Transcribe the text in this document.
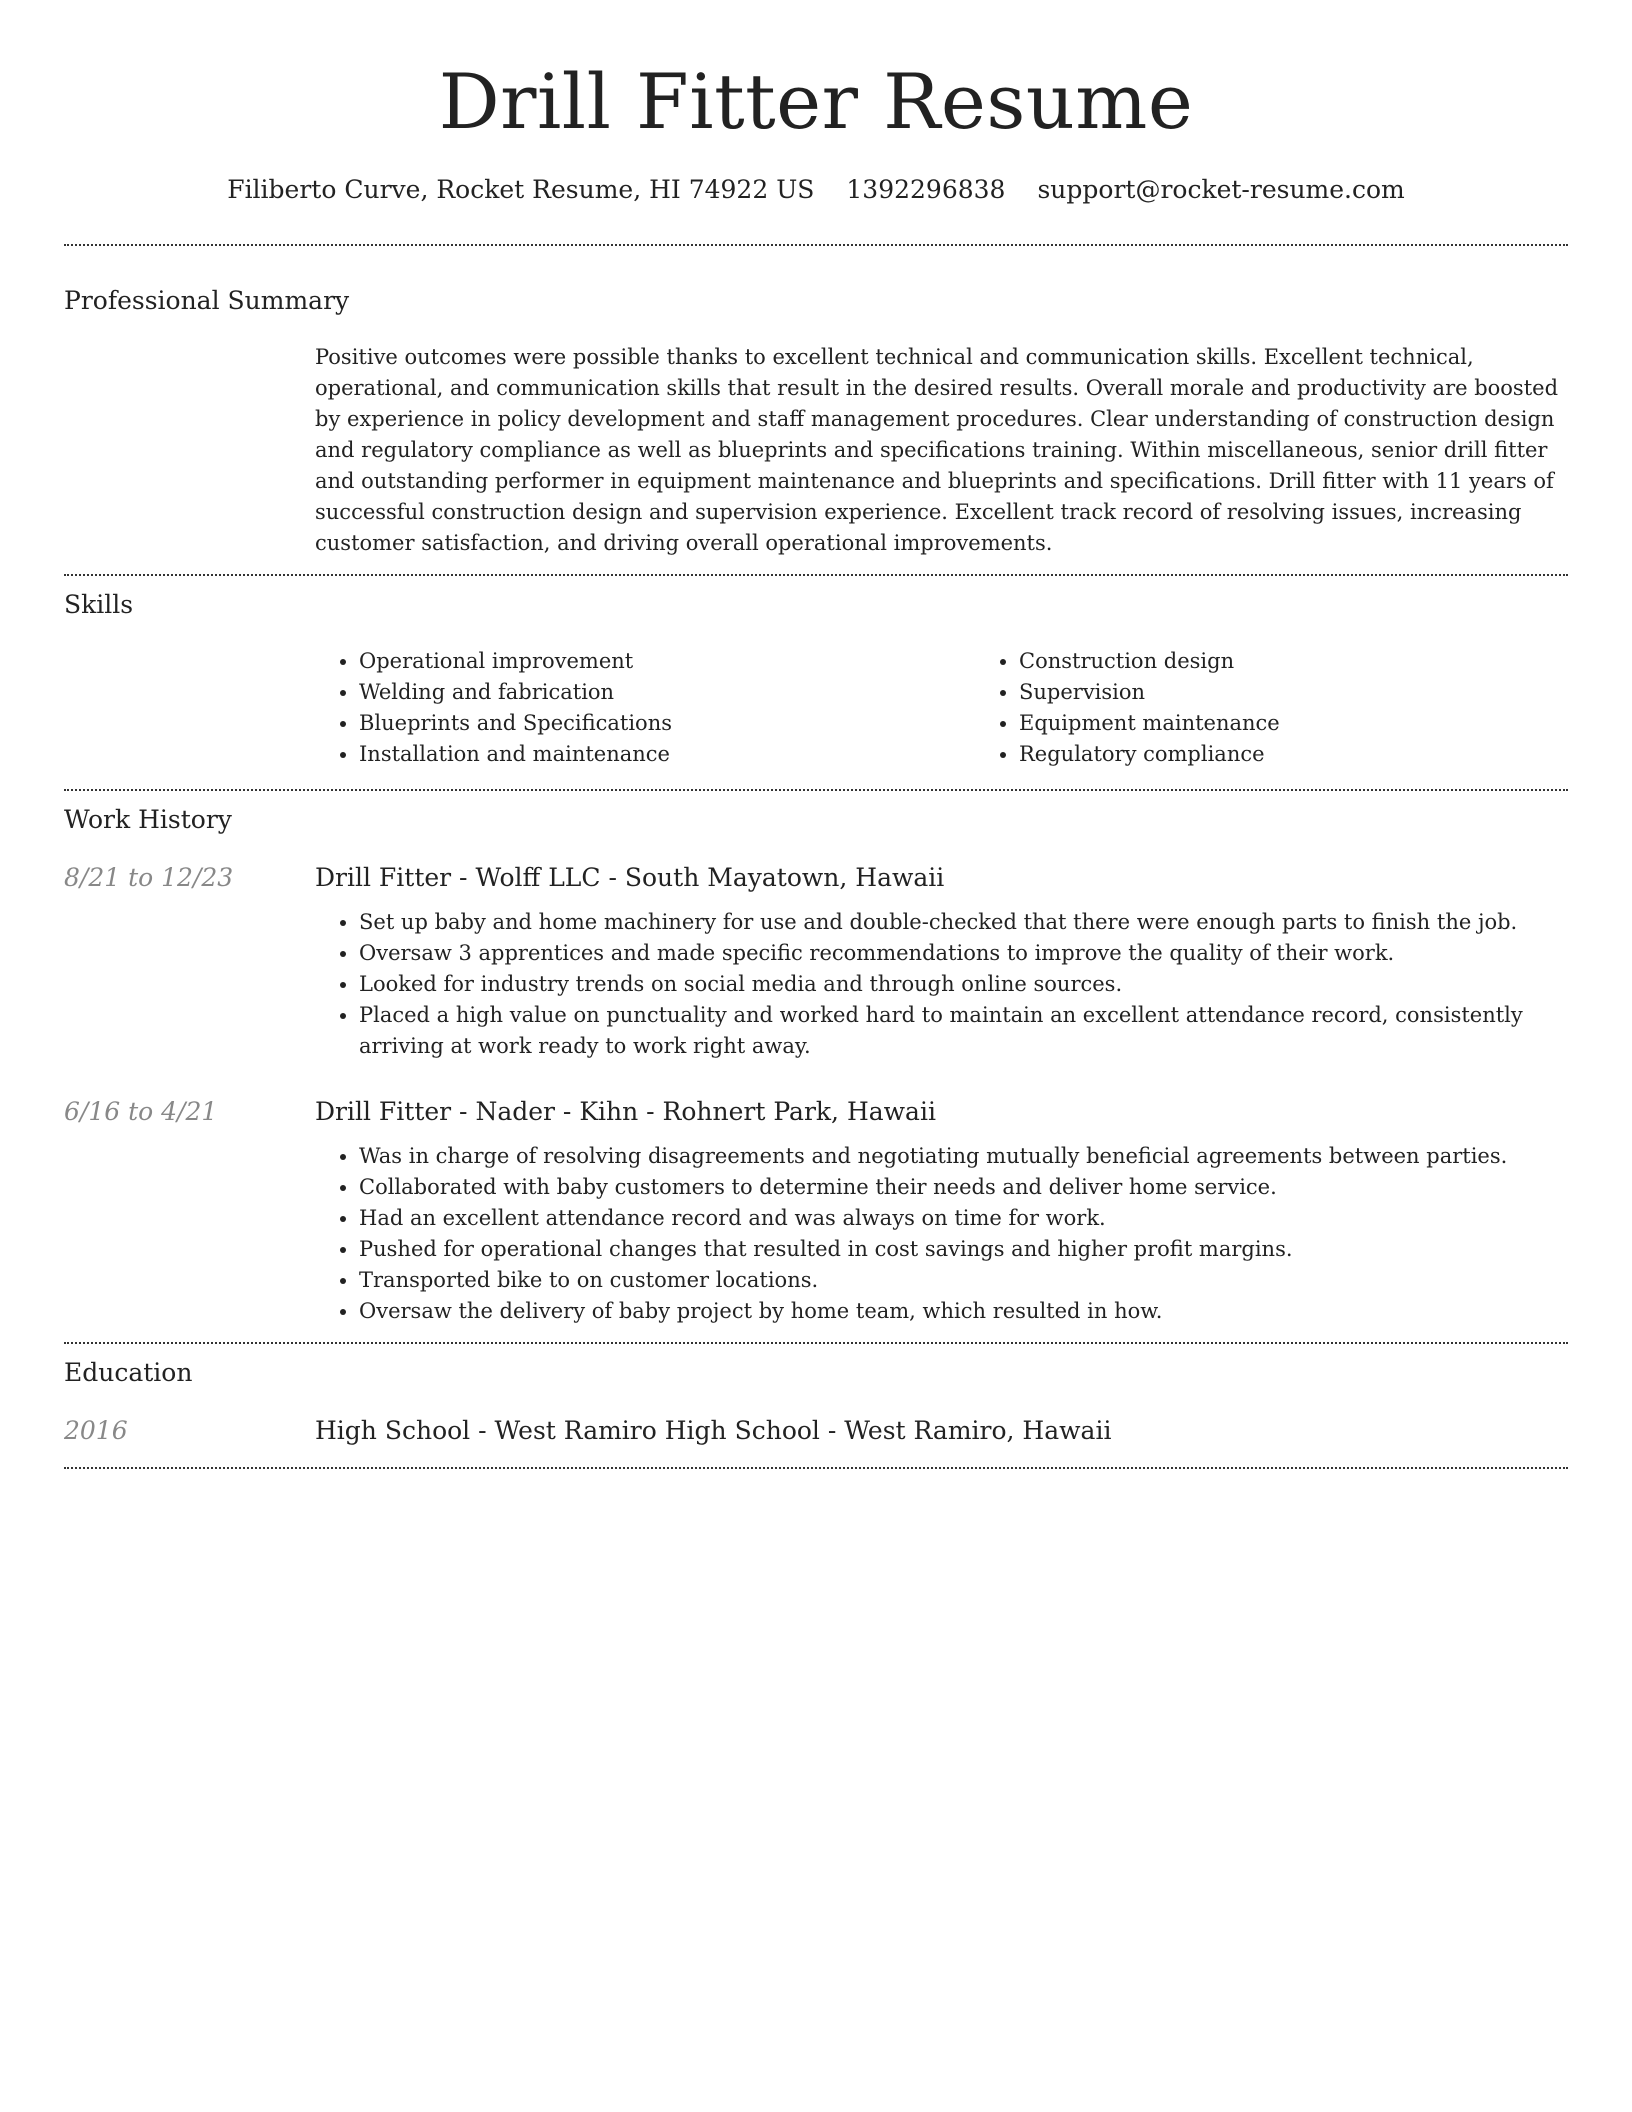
Drill Fitter Resume
Filiberto Curve, Rocket Resume, HI 74922 US 1392296838 support@rocket-resume.com
Professional Summary

Positive outcomes were possible thanks to excellent technical and communication skills. Excellent technical, operational, and communication skills that result in the desired results. Overall morale and productivity are boosted by experience in policy development and staff management procedures. Clear understanding of construction design and regulatory compliance as well as blueprints and specifications training. Within miscellaneous, senior drill fitter and outstanding performer in equipment maintenance and blueprints and specifications. Drill fitter with 11 years of successful construction design and supervision experience. Excellent track record of resolving issues, increasing customer satisfaction, and driving overall operational improvements.

Skills
• Operational improvement
• Welding and fabrication
• Blueprints and Specifications
• Installation and maintenance
• Construction design
• Supervision
• Equipment maintenance
• Regulatory compliance
Work History
8/21 to 12/23	Drill Fitter - Wolff LLC - South Mayatown, Hawaii

• Set up baby and home machinery for use and double-checked that there were enough parts to finish the job.
• Oversaw 3 apprentices and made specific recommendations to improve the quality of their work.
• Looked for industry trends on social media and through online sources.
• Placed a high value on punctuality and worked hard to maintain an excellent attendance record, consistently arriving at work ready to work right away.
6/16 to 4/21	Drill Fitter - Nader - Kihn - Rohnert Park, Hawaii

• Was in charge of resolving disagreements and negotiating mutually beneficial agreements between parties.
• Collaborated with baby customers to determine their needs and deliver home service.
• Had an excellent attendance record and was always on time for work.
• Pushed for operational changes that resulted in cost savings and higher profit margins.
• Transported bike to on customer locations.
• Oversaw the delivery of baby project by home team, which resulted in how.
Education
2016	High School - West Ramiro High School - West Ramiro, Hawaii
